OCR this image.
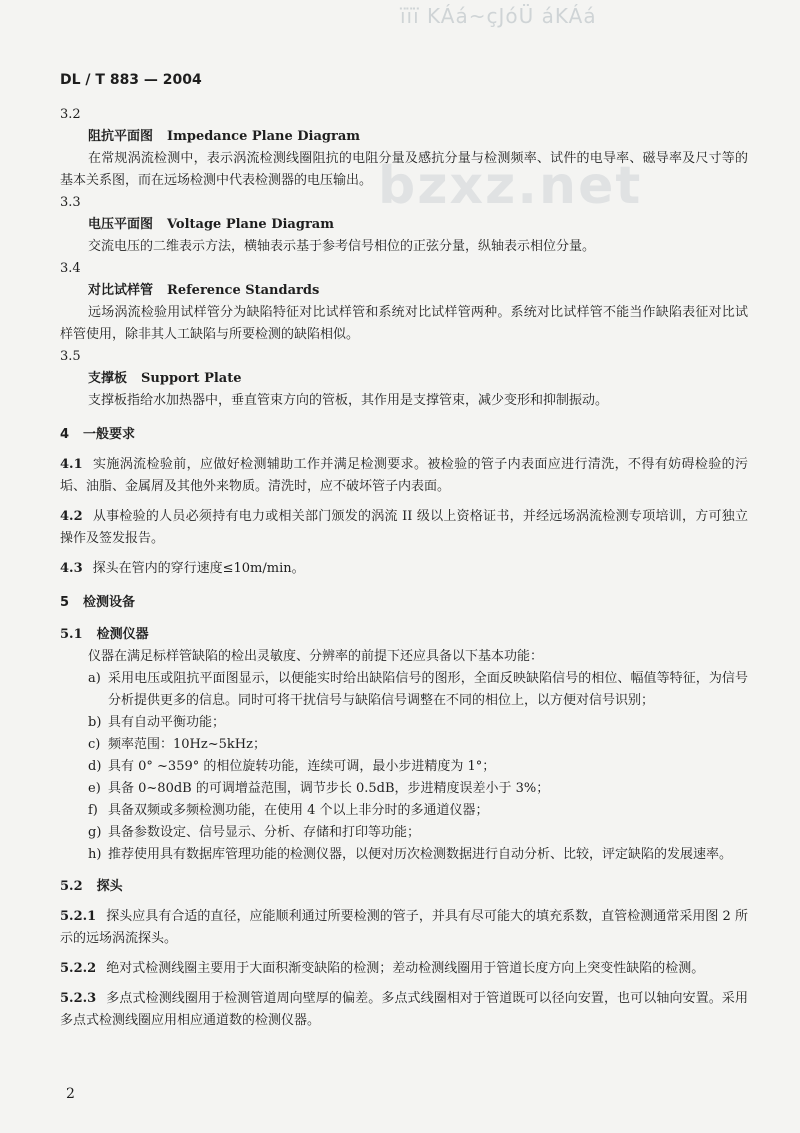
ïïï KÁá~çJóÜ áKÁá
bzxz.net
DL / T 883 — 2004

3.2

阻抗平面图 Impedance Plane Diagram

在常规涡流检测中，表示涡流检测线圈阻抗的电阻分量及感抗分量与检测频率、试件的电导率、磁导率及尺寸等的基本关系图，而在远场检测中代表检测器的电压输出。

3.3

电压平面图 Voltage Plane Diagram

交流电压的二维表示方法，横轴表示基于参考信号相位的正弦分量，纵轴表示相位分量。

3.4

对比试样管 Reference Standards

远场涡流检验用试样管分为缺陷特征对比试样管和系统对比试样管两种。系统对比试样管不能当作缺陷表征对比试样管使用，除非其人工缺陷与所要检测的缺陷相似。

3.5

支撑板 Support Plate

支撑板指给水加热器中，垂直管束方向的管板，其作用是支撑管束，减少变形和抑制振动。

4 一般要求

4.1 实施涡流检验前，应做好检测辅助工作并满足检测要求。被检验的管子内表面应进行清洗，不得有妨碍检验的污垢、油脂、金属屑及其他外来物质。清洗时，应不破坏管子内表面。

4.2 从事检验的人员必须持有电力或相关部门颁发的涡流 II 级以上资格证书，并经远场涡流检测专项培训，方可独立操作及签发报告。

4.3 探头在管内的穿行速度≤10m/min。

5 检测设备

5.1 检测仪器

仪器在满足标样管缺陷的检出灵敏度、分辨率的前提下还应具备以下基本功能：

a) 采用电压或阻抗平面图显示，以便能实时给出缺陷信号的图形，全面反映缺陷信号的相位、幅值等特征，为信号分析提供更多的信息。同时可将干扰信号与缺陷信号调整在不同的相位上，以方便对信号识别；
b) 具有自动平衡功能；
c) 频率范围：10Hz~5kHz；
d) 具有 0° ~359° 的相位旋转功能，连续可调，最小步进精度为 1°；
e) 具备 0~80dB 的可调增益范围，调节步长 0.5dB，步进精度误差小于 3%；
f) 具备双频或多频检测功能，在使用 4 个以上非分时的多通道仪器；
g) 具备参数设定、信号显示、分析、存储和打印等功能；
h) 推荐使用具有数据库管理功能的检测仪器，以便对历次检测数据进行自动分析、比较，评定缺陷的发展速率。

5.2 探头

5.2.1 探头应具有合适的直径，应能顺利通过所要检测的管子，并具有尽可能大的填充系数，直管检测通常采用图 2 所示的远场涡流探头。

5.2.2 绝对式检测线圈主要用于大面积渐变缺陷的检测；差动检测线圈用于管道长度方向上突变性缺陷的检测。

5.2.3 多点式检测线圈用于检测管道周向壁厚的偏差。多点式线圈相对于管道既可以径向安置，也可以轴向安置。采用多点式检测线圈应用相应通道数的检测仪器。

2
